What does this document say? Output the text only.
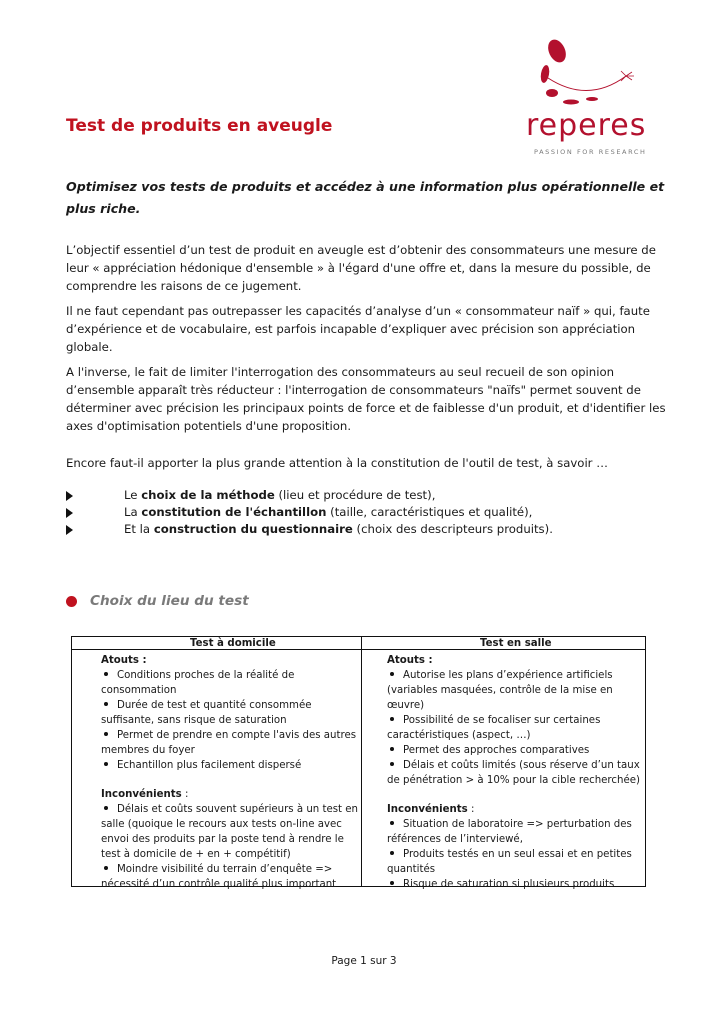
reperes
PASSION FOR RESEARCH
Test de produits en aveugle

Optimisez vos tests de produits et accédez à une information plus opérationnelle et plus riche.

L’objectif essentiel d’un test de produit en aveugle est d’obtenir des consommateurs une mesure de leur « appréciation hédonique d'ensemble » à l'égard d'une offre et, dans la mesure du possible, de comprendre les raisons de ce jugement.

Il ne faut cependant pas outrepasser les capacités d’analyse d’un « consommateur naïf » qui, faute d’expérience et de vocabulaire, est parfois incapable d’expliquer avec précision son appréciation globale.

A l'inverse, le fait de limiter l'interrogation des consommateurs au seul recueil de son opinion d’ensemble apparaît très réducteur : l'interrogation de consommateurs "naïfs" permet souvent de déterminer avec précision les principaux points de force et de faiblesse d'un produit, et d'identifier les axes d'optimisation potentiels d'une proposition.

Encore faut-il apporter la plus grande attention à la constitution de l'outil de test, à savoir …

Le choix de la méthode (lieu et procédure de test),
La constitution de l'échantillon (taille, caractéristiques et qualité),
Et la construction du questionnaire (choix des descripteurs produits).
Choix du lieu du test
Test à domicile	Test en salle

Atouts :

Conditions proches de la réalité de consommation

Durée de test et quantité consommée suffisante, sans risque de saturation

Permet de prendre en compte l'avis des autres membres du foyer

Echantillon plus facilement dispersé

Inconvénients :

Délais et coûts souvent supérieurs à un test en salle (quoique le recours aux tests on-line avec envoi des produits par la poste tend à rendre le test à domicile de + en + compétitif)

Moindre visibilité du terrain d’enquête => nécessité d’un contrôle qualité plus important

Atouts :

Autorise les plans d’expérience artificiels (variables masquées, contrôle de la mise en œuvre)

Possibilité de se focaliser sur certaines caractéristiques (aspect, …)

Permet des approches comparatives

Délais et coûts limités (sous réserve d’un taux de pénétration > à 10% pour la cible recherchée)

Inconvénients :

Situation de laboratoire => perturbation des références de l’interviewé,

Produits testés en un seul essai et en petites quantités

Risque de saturation si plusieurs produits

Page 1 sur 3
